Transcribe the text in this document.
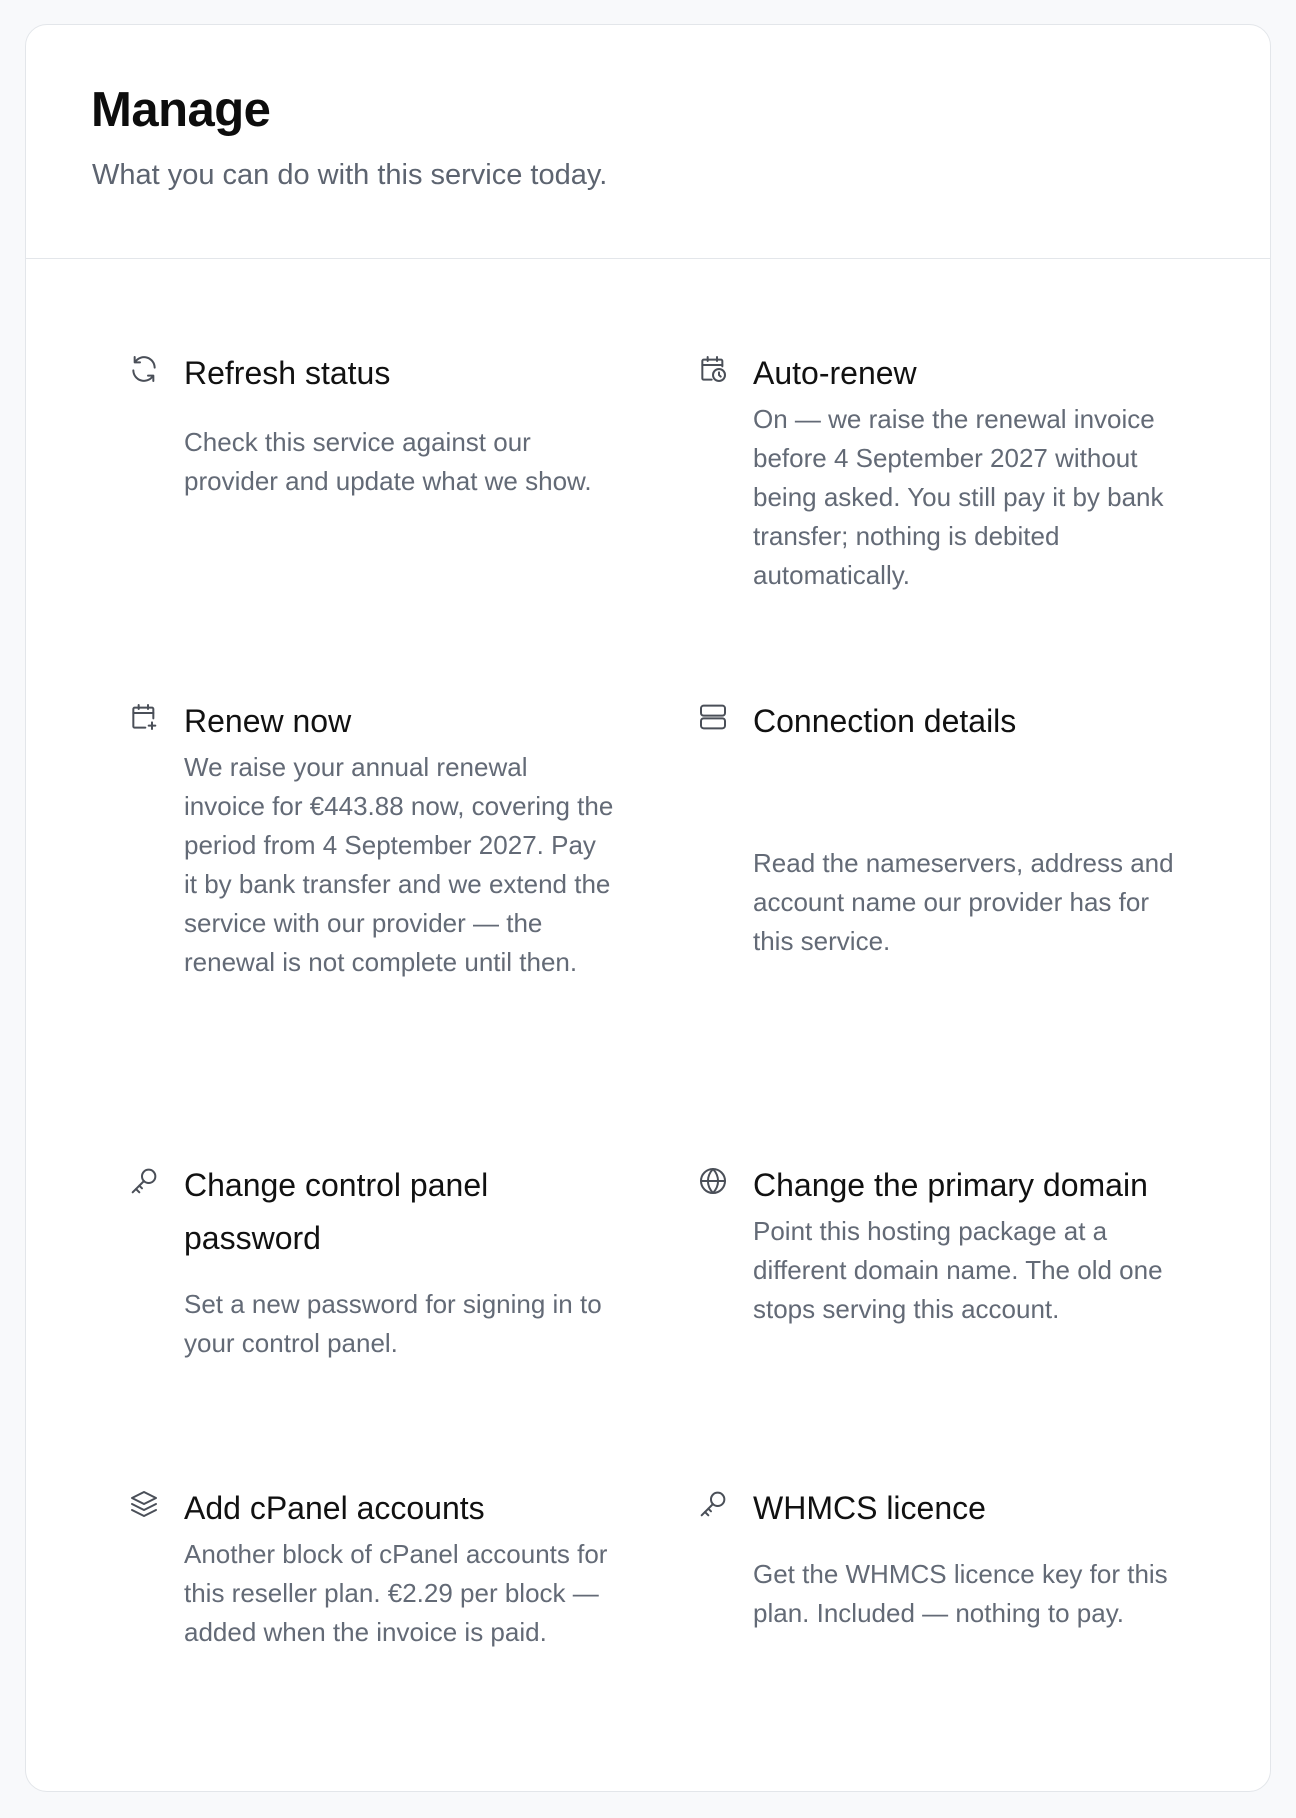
Manage

What you can do with this service today.

Refresh status

Check this service against our provider and update what we show.

Auto-renew

On — we raise the renewal invoice before 4 September 2027 without being asked. You still pay it by bank transfer; nothing is debited automatically.

Renew now

We raise your annual renewal invoice for €443.88 now, covering the period from 4 September 2027. Pay it by bank transfer and we extend the service with our provider — the renewal is not complete until then.

Connection details

Read the nameservers, address and account name our provider has for this service.

Change control panel password

Set a new password for signing in to your control panel.

Change the primary domain

Point this hosting package at a different domain name. The old one stops serving this account.

Add cPanel accounts

Another block of cPanel accounts for this reseller plan. €2.29 per block — added when the invoice is paid.

WHMCS licence

Get the WHMCS licence key for this plan. Included — nothing to pay.
